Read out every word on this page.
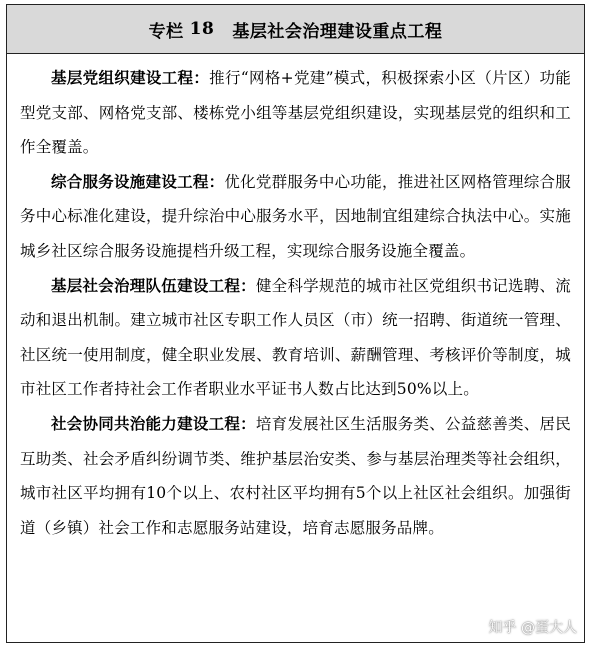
专栏 18 基层社会治理建设重点工程

基层党组织建设工程：推行“网格+党建”模式，积极探索小区（片区）功能型党支部、网格党支部、楼栋党小组等基层党组织建设，实现基层党的组织和工作全覆盖。

综合服务设施建设工程：优化党群服务中心功能，推进社区网格管理综合服务中心标准化建设，提升综治中心服务水平，因地制宜组建综合执法中心。实施城乡社区综合服务设施提档升级工程，实现综合服务设施全覆盖。

基层社会治理队伍建设工程：健全科学规范的城市社区党组织书记选聘、流动和退出机制。建立城市社区专职工作人员区（市）统一招聘、街道统一管理、社区统一使用制度，健全职业发展、教育培训、薪酬管理、考核评价等制度，城市社区工作者持社会工作者职业水平证书人数占比达到50%以上。

社会协同共治能力建设工程：培育发展社区生活服务类、公益慈善类、居民互助类、社会矛盾纠纷调节类、维护基层治安类、参与基层治理类等社会组织，城市社区平均拥有10个以上、农村社区平均拥有5个以上社区社会组织。加强街道（乡镇）社会工作和志愿服务站建设，培育志愿服务品牌。

知乎 @蛋大人
